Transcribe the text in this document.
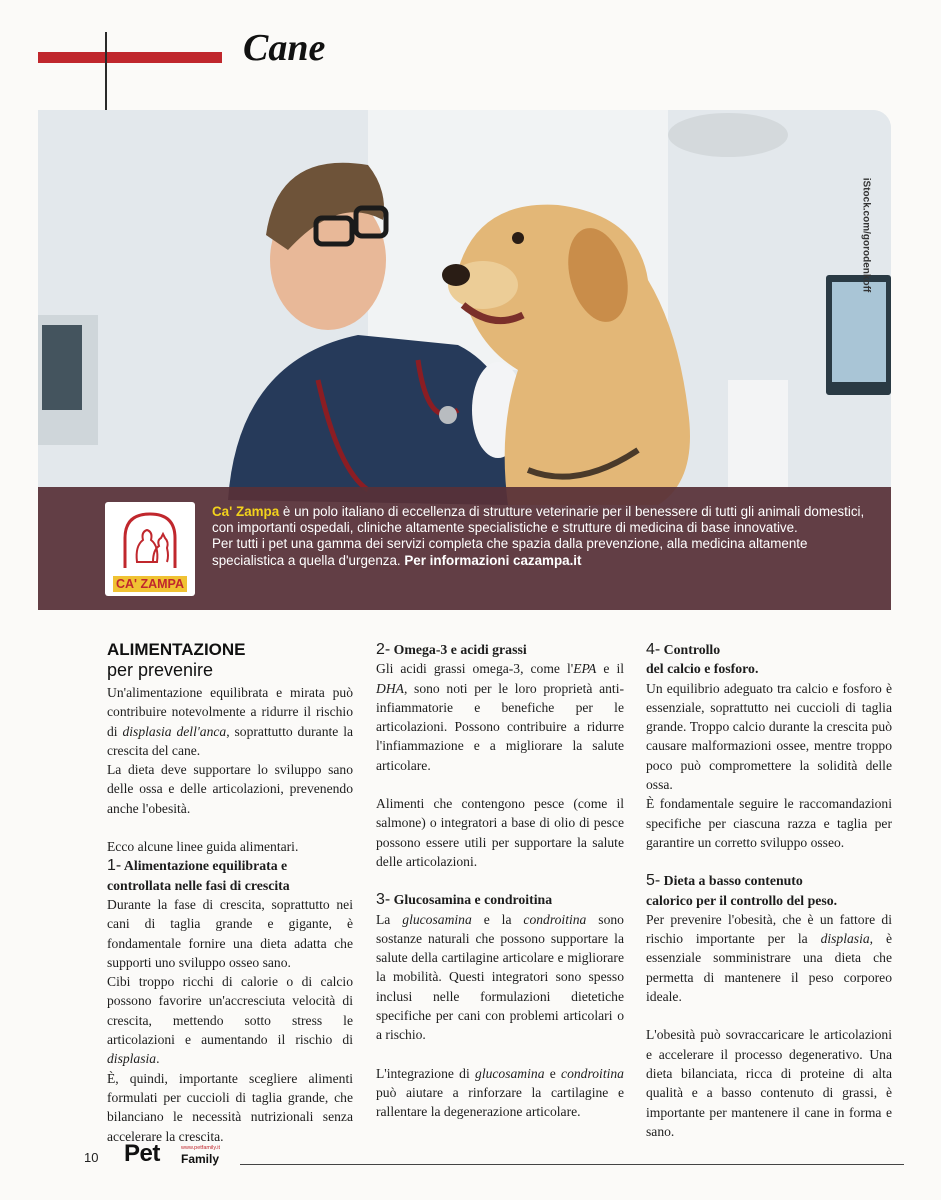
Cane
iStock.com/gorodenkoff
CA' ZAMPA
Ca' Zampa è un polo italiano di eccellenza di strutture veterinarie per il benessere di tutti gli animali domestici, con importanti ospedali, cliniche altamente specialistiche e strutture di medicina di base innovative.
Per tutti i pet una gamma dei servizi completa che spazia dalla prevenzione, alla medicina altamente specialistica a quella d'urgenza. Per informazioni cazampa.it
ALIMENTAZIONE
per prevenire

Un'alimentazione equilibrata e mirata può contribuire notevolmente a ridurre il rischio di displasia dell'anca, soprattutto durante la crescita del cane.

La dieta deve supportare lo sviluppo sano delle ossa e delle articolazioni, prevenendo anche l'obesità.

Ecco alcune linee guida alimentari.

1- Alimentazione equilibrata e controllata nelle fasi di crescita

Durante la fase di crescita, soprattutto nei cani di taglia grande e gigante, è fondamentale fornire una dieta adatta che supporti uno sviluppo osseo sano.

Cibi troppo ricchi di calorie o di calcio possono favorire un'accresciuta velocità di crescita, mettendo sotto stress le articolazioni e aumentando il rischio di displasia.

È, quindi, importante scegliere alimenti formulati per cuccioli di taglia grande, che bilanciano le necessità nutrizionali senza accelerare la crescita.

2- Omega-3 e acidi grassi

Gli acidi grassi omega-3, come l'EPA e il DHA, sono noti per le loro proprietà anti-infiammatorie e benefiche per le articolazioni. Possono contribuire a ridurre l'infiammazione e a migliorare la salute articolare.

Alimenti che contengono pesce (come il salmone) o integratori a base di olio di pesce possono essere utili per supportare la salute delle articolazioni.

3- Glucosamina e condroitina

La glucosamina e la condroitina sono sostanze naturali che possono supportare la salute della cartilagine articolare e migliorare la mobilità. Questi integratori sono spesso inclusi nelle formulazioni dietetiche specifiche per cani con problemi articolari o a rischio.

L'integrazione di glucosamina e condroitina può aiutare a rinforzare la cartilagine e rallentare la degenerazione articolare.

4- Controllo
del calcio e fosforo.

Un equilibrio adeguato tra calcio e fosforo è essenziale, soprattutto nei cuccioli di taglia grande. Troppo calcio durante la crescita può causare malformazioni ossee, mentre troppo poco può compromettere la solidità delle ossa.

È fondamentale seguire le raccomandazioni specifiche per ciascuna razza e taglia per garantire un corretto sviluppo osseo.

5- Dieta a basso contenuto
calorico per il controllo del peso.

Per prevenire l'obesità, che è un fattore di rischio importante per la displasia, è essenziale somministrare una dieta che permetta di mantenere il peso corporeo ideale.

L'obesità può sovraccaricare le articolazioni e accelerare il processo degenerativo. Una dieta bilanciata, ricca di proteine di alta qualità e a basso contenuto di grassi, è importante per mantenere il cane in forma e sano.

10 Pet	www.petfamily.it
Family
